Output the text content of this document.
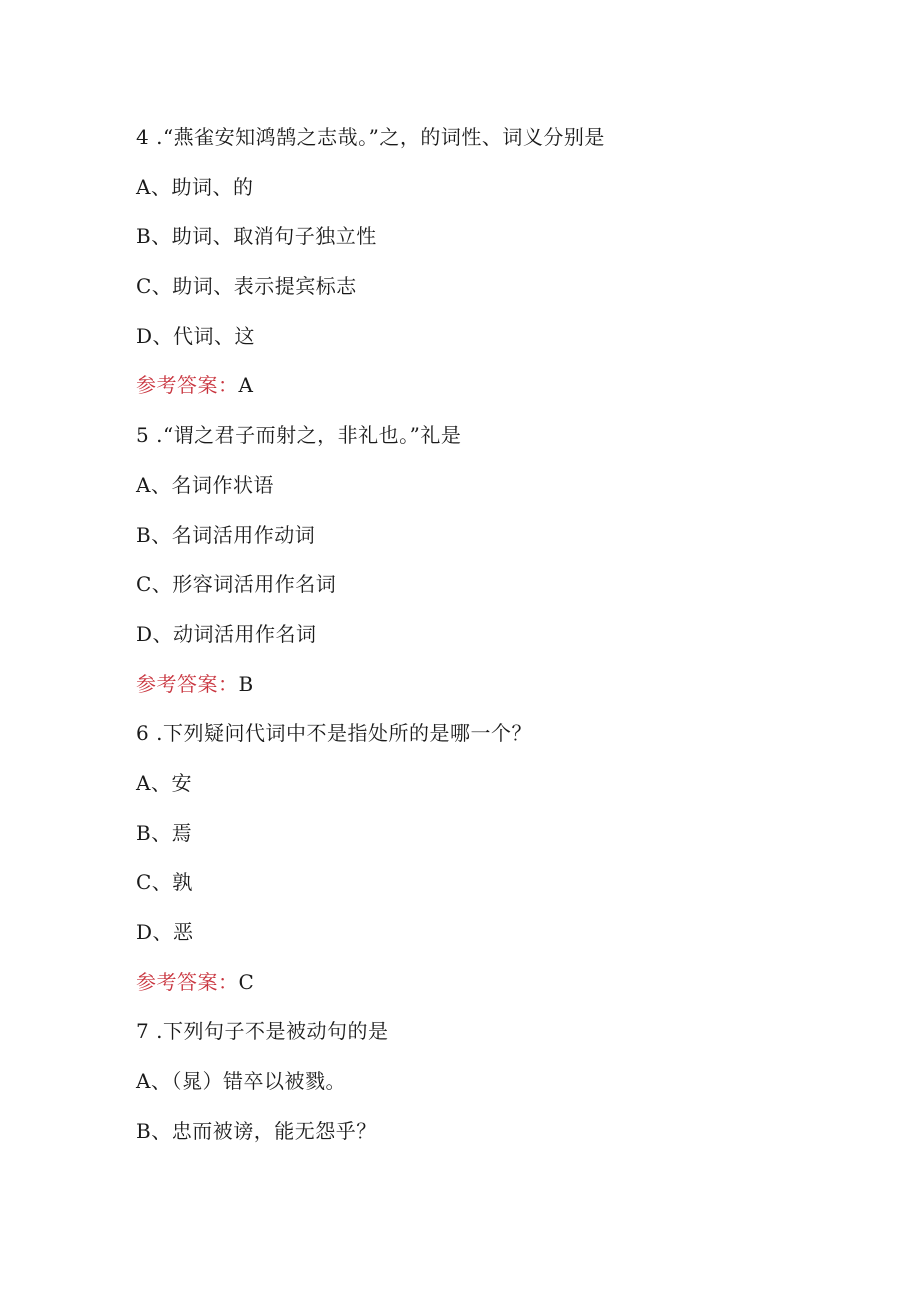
4 .“燕雀安知鸿鹄之志哉。”之，的词性、词义分别是
A、助词、的
B、助词、取消句子独立性
C、助词、表示提宾标志
D、代词、这
参考答案：A
5 .“谓之君子而射之，非礼也。”礼是
A、名词作状语
B、名词活用作动词
C、形容词活用作名词
D、动词活用作名词
参考答案：B
6 .下列疑问代词中不是指处所的是哪一个？
A、安
B、焉
C、孰
D、恶
参考答案：C
7 .下列句子不是被动句的是
A、（晁）错卒以被戮。
B、忠而被谤，能无怨乎？
